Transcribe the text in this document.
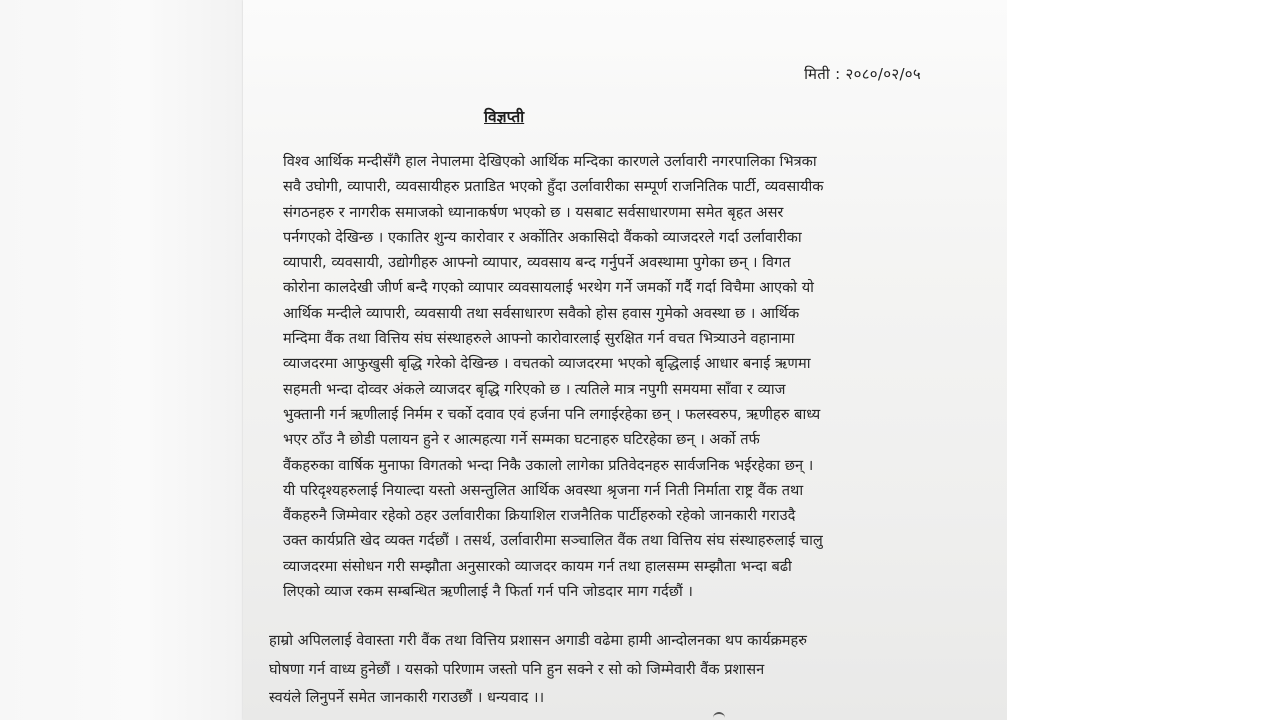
मिती : २०८०/०२/०५
विज्ञप्ती

विश्व आर्थिक मन्दीसँगै हाल नेपालमा देखिएको आर्थिक मन्दिका कारणले उर्लावारी नगरपालिका भित्रका
सवै उघोगी, व्यापारी, व्यवसायीहरु प्रताडित भएको हुँदा उर्लावारीका सम्पूर्ण राजनितिक पार्टी, व्यवसायीक
संगठनहरु र नागरीक समाजको ध्यानाकर्षण भएको छ । यसबाट सर्वसाधारणमा समेत बृहत असर
पर्नगएको देखिन्छ । एकातिर शुन्य कारोवार र अर्कोतिर अकासिदो वैंकको व्याजदरले गर्दा उर्लावारीका
व्यापारी, व्यवसायी, उद्योगीहरु आफ्नो व्यापार, व्यवसाय बन्द गर्नुपर्ने अवस्थामा पुगेका छन् । विगत
कोरोना कालदेखी जीर्ण बन्दै गएको व्यापार व्यवसायलाई भरथेग गर्ने जमर्को गर्दै गर्दा विचैमा आएको यो
आर्थिक मन्दीले व्यापारी, व्यवसायी तथा सर्वसाधारण सवैको होस हवास गुमेको अवस्था छ । आर्थिक
मन्दिमा वैंक तथा वित्तिय संघ संस्थाहरुले आफ्नो कारोवारलाई सुरक्षित गर्न वचत भित्र्याउने वहानामा
व्याजदरमा आफुखुसी बृद्धि गरेको देखिन्छ । वचतको व्याजदरमा भएको बृद्धिलाई आधार बनाई ऋणमा
सहमती भन्दा दोव्वर अंकले व्याजदर बृद्धि गरिएको छ । त्यतिले मात्र नपुगी समयमा साँवा र व्याज
भुक्तानी गर्न ऋणीलाई निर्मम र चर्को दवाव एवं हर्जना पनि लगाईरहेका छन् । फलस्वरुप, ऋणीहरु बाध्य
भएर ठाँउ नै छोडी पलायन हुने र आत्महत्या गर्ने सम्मका घटनाहरु घटिरहेका छन् । अर्को तर्फ
वैंकहरुका वार्षिक मुनाफा विगतको भन्दा निकै उकालो लागेका प्रतिवेदनहरु सार्वजनिक भईरहेका छन् ।
यी परिदृश्यहरुलाई नियाल्दा यस्तो असन्तुलित आर्थिक अवस्था श्रृजना गर्न निती निर्माता राष्ट्र वैंक तथा
वैंकहरुनै जिम्मेवार रहेको ठहर उर्लावारीका क्रियाशिल राजनैतिक पार्टीहरुको रहेको जानकारी गराउदै
उक्त कार्यप्रति खेद व्यक्त गर्दछौं । तसर्थ, उर्लावारीमा सञ्चालित वैंक तथा वित्तिय संघ संस्थाहरुलाई चालु
व्याजदरमा संसोधन गरी सम्झौता अनुसारको व्याजदर कायम गर्न तथा हालसम्म सम्झौता भन्दा बढी
लिएको व्याज रकम सम्बन्धित ऋणीलाई नै फिर्ता गर्न पनि जोडदार माग गर्दछौं ।

हाम्रो अपिललाई वेवास्ता गरी वैंक तथा वित्तिय प्रशासन अगाडी वढेमा हामी आन्दोलनका थप कार्यक्रमहरु
घोषणा गर्न वाध्य हुनेछौं । यसको परिणाम जस्तो पनि हुन सक्ने र सो को जिम्मेवारी वैंक प्रशासन
स्वयंले लिनुपर्ने समेत जानकारी गराउछौं । धन्यवाद ।।
